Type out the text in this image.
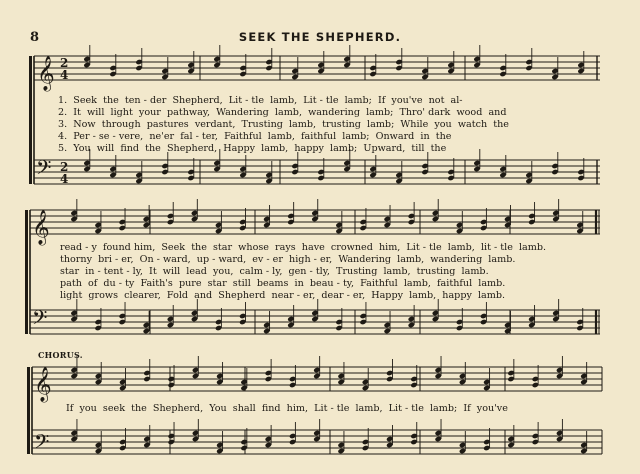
8	SEEK THE SHEPHERD.
𝄞
𝄢
2
4
2
4
𝄞
𝄢
𝄞
𝄢
1.  Seek  the  ten - der  Shepherd,  Lit - tle  lamb,  Lit - tle  lamb;  If  you've  not  al-
2.  It  will  light  your  pathway,  Wandering  lamb,  wandering  lamb;  Thro' dark  wood  and
3.  Now  through  pastures  verdant,  Trusting  lamb,  trusting  lamb;  While  you  watch  the
4.  Per - se - vere,  ne'er  fal - ter,  Faithful  lamb,  faithful  lamb;  Onward  in  the
5.  You  will  find  the  Shepherd,  Happy  lamb,  happy  lamb;  Upward,  till  the
read - y  found him,  Seek  the  star  whose  rays  have  crowned  him,  Lit - tle  lamb,  lit - tle  lamb.
thorny  bri - er,  On - ward,  up - ward,  ev - er  high - er,  Wandering  lamb,  wandering  lamb.
star  in - tent - ly,  It  will  lead  you,  calm - ly,  gen - tly,  Trusting  lamb,  trusting  lamb.
path  of  du - ty  Faith's  pure  star  still  beams  in  beau - ty,  Faithful  lamb,  faithful  lamb.
light  grows  clearer,  Fold  and  Shepherd  near - er,  dear - er,  Happy  lamb,  happy  lamb.
CHORUS.
If  you  seek  the  Shepherd,  You  shall  find  him,  Lit - tle  lamb,  Lit - tle  lamb;  If  you've
